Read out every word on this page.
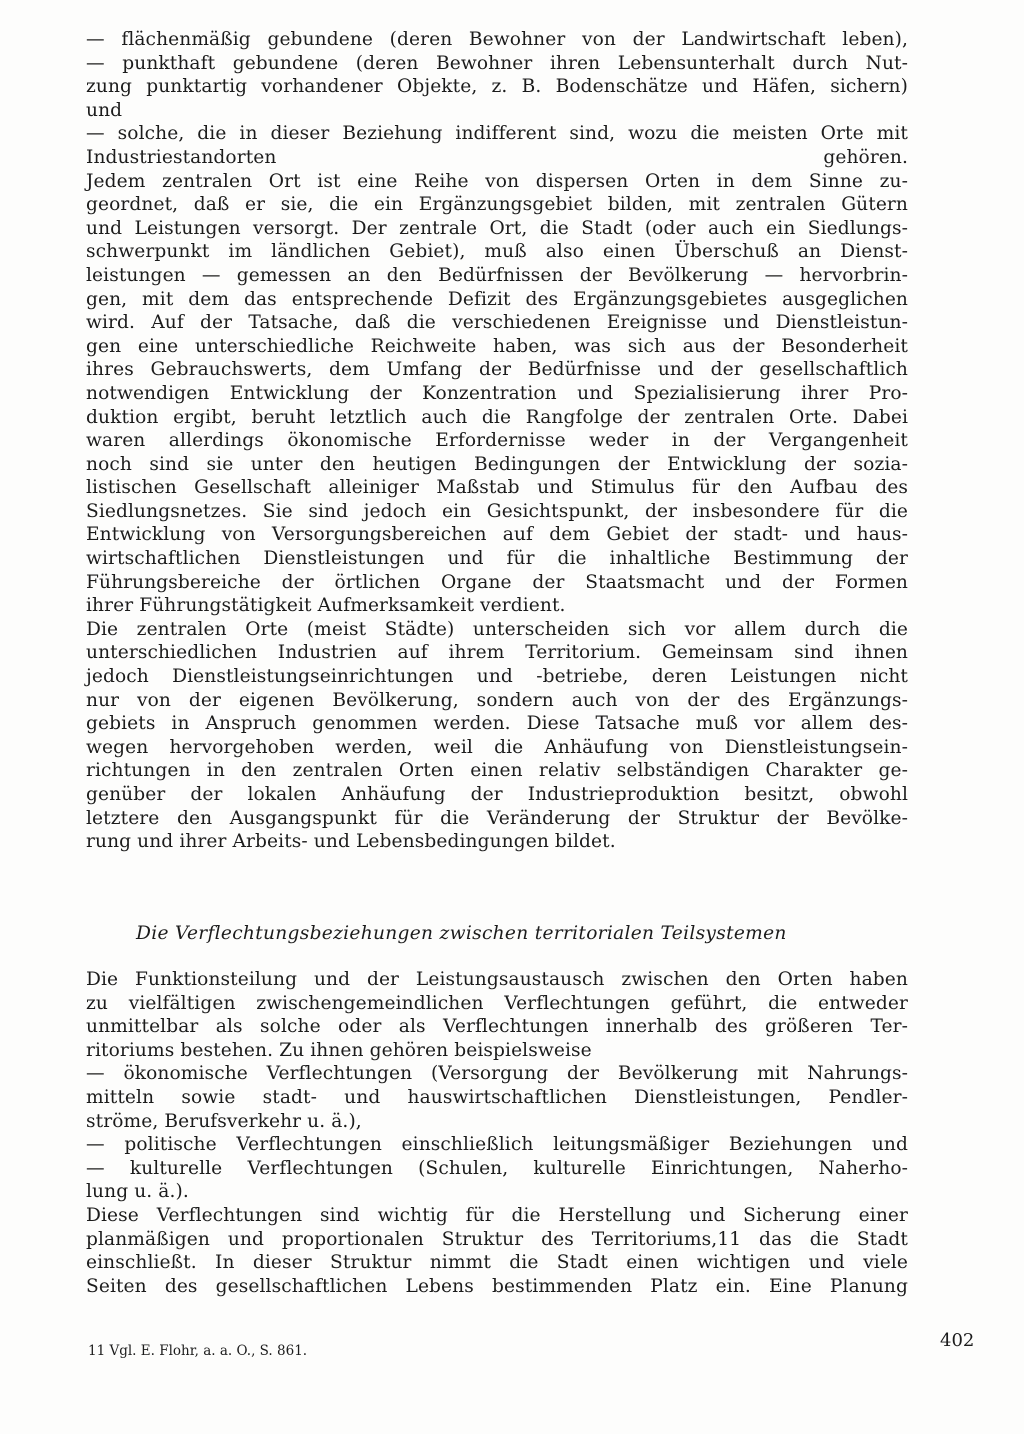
— flächenmäßig gebundene (deren Bewohner von der Landwirtschaft leben),
— punkthaft gebundene (deren Bewohner ihren Lebensunterhalt durch Nut-
zung punktartig vorhandener Objekte, z. B. Bodenschätze und Häfen, sichern)
und
— solche, die in dieser Beziehung indifferent sind, wozu die meisten Orte mit
Industriestandorten gehören.
Jedem zentralen Ort ist eine Reihe von dispersen Orten in dem Sinne zu-
geordnet, daß er sie, die ein Ergänzungsgebiet bilden, mit zentralen Gütern
und Leistungen versorgt. Der zentrale Ort, die Stadt (oder auch ein Siedlungs-
schwerpunkt im ländlichen Gebiet), muß also einen Überschuß an Dienst-
leistungen — gemessen an den Bedürfnissen der Bevölkerung — hervorbrin-
gen, mit dem das entsprechende Defizit des Ergänzungsgebietes ausgeglichen
wird. Auf der Tatsache, daß die verschiedenen Ereignisse und Dienstleistun-
gen eine unterschiedliche Reichweite haben, was sich aus der Besonderheit
ihres Gebrauchswerts, dem Umfang der Bedürfnisse und der gesellschaftlich
notwendigen Entwicklung der Konzentration und Spezialisierung ihrer Pro-
duktion ergibt, beruht letztlich auch die Rangfolge der zentralen Orte. Dabei
waren allerdings ökonomische Erfordernisse weder in der Vergangenheit
noch sind sie unter den heutigen Bedingungen der Entwicklung der sozia-
listischen Gesellschaft alleiniger Maßstab und Stimulus für den Aufbau des
Siedlungsnetzes. Sie sind jedoch ein Gesichtspunkt, der insbesondere für die
Entwicklung von Versorgungsbereichen auf dem Gebiet der stadt- und haus-
wirtschaftlichen Dienstleistungen und für die inhaltliche Bestimmung der
Führungsbereiche der örtlichen Organe der Staatsmacht und der Formen
ihrer Führungstätigkeit Aufmerksamkeit verdient.
Die zentralen Orte (meist Städte) unterscheiden sich vor allem durch die
unterschiedlichen Industrien auf ihrem Territorium. Gemeinsam sind ihnen
jedoch Dienstleistungseinrichtungen und -betriebe, deren Leistungen nicht
nur von der eigenen Bevölkerung, sondern auch von der des Ergänzungs-
gebiets in Anspruch genommen werden. Diese Tatsache muß vor allem des-
wegen hervorgehoben werden, weil die Anhäufung von Dienstleistungsein-
richtungen in den zentralen Orten einen relativ selbständigen Charakter ge-
genüber der lokalen Anhäufung der Industrieproduktion besitzt, obwohl
letztere den Ausgangspunkt für die Veränderung der Struktur der Bevölke-
rung und ihrer Arbeits- und Lebensbedingungen bildet.
Die Verflechtungsbeziehungen zwischen territorialen Teilsystemen
Die Funktionsteilung und der Leistungsaustausch zwischen den Orten haben
zu vielfältigen zwischengemeindlichen Verflechtungen geführt, die entweder
unmittelbar als solche oder als Verflechtungen innerhalb des größeren Ter-
ritoriums bestehen. Zu ihnen gehören beispielsweise
— ökonomische Verflechtungen (Versorgung der Bevölkerung mit Nahrungs-
mitteln sowie stadt- und hauswirtschaftlichen Dienstleistungen, Pendler-
ströme, Berufsverkehr u. ä.),
— politische Verflechtungen einschließlich leitungsmäßiger Beziehungen und
— kulturelle Verflechtungen (Schulen, kulturelle Einrichtungen, Naherho-
lung u. ä.).
Diese Verflechtungen sind wichtig für die Herstellung und Sicherung einer
planmäßigen und proportionalen Struktur des Territoriums,11 das die Stadt
einschließt. In dieser Struktur nimmt die Stadt einen wichtigen und viele
Seiten des gesellschaftlichen Lebens bestimmenden Platz ein. Eine Planung
11 Vgl. E. Flohr, a. a. O., S. 861.	402
